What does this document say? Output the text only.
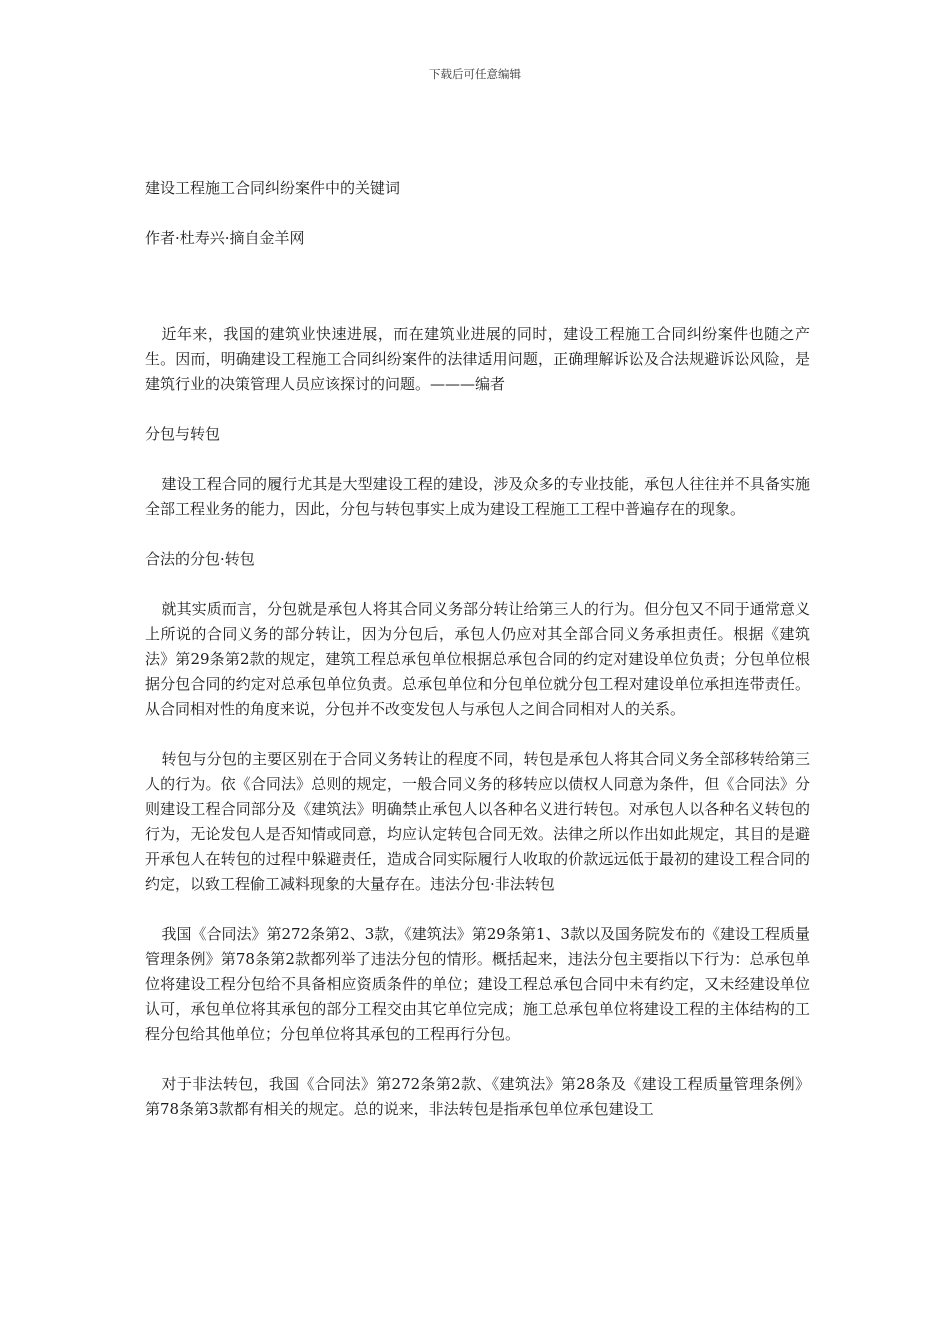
下载后可任意编辑
建设工程施工合同纠纷案件中的关键词
作者·杜寿兴·摘自金羊网

近年来，我国的建筑业快速进展，而在建筑业进展的同时，建设工程施工合同纠纷案件也随之产生。因而，明确建设工程施工合同纠纷案件的法律适用问题，正确理解诉讼及合法规避诉讼风险，是建筑行业的决策管理人员应该探讨的问题。———编者

分包与转包

建设工程合同的履行尤其是大型建设工程的建设，涉及众多的专业技能，承包人往往并不具备实施全部工程业务的能力，因此，分包与转包事实上成为建设工程施工工程中普遍存在的现象。

合法的分包·转包

就其实质而言，分包就是承包人将其合同义务部分转让给第三人的行为。但分包又不同于通常意义上所说的合同义务的部分转让，因为分包后，承包人仍应对其全部合同义务承担责任。根据《建筑法》第29条第2款的规定，建筑工程总承包单位根据总承包合同的约定对建设单位负责；分包单位根据分包合同的约定对总承包单位负责。总承包单位和分包单位就分包工程对建设单位承担连带责任。从合同相对性的角度来说，分包并不改变发包人与承包人之间合同相对人的关系。

转包与分包的主要区别在于合同义务转让的程度不同，转包是承包人将其合同义务全部移转给第三人的行为。依《合同法》总则的规定，一般合同义务的移转应以债权人同意为条件，但《合同法》分则建设工程合同部分及《建筑法》明确禁止承包人以各种名义进行转包。对承包人以各种名义转包的行为，无论发包人是否知情或同意，均应认定转包合同无效。法律之所以作出如此规定，其目的是避开承包人在转包的过程中躲避责任，造成合同实际履行人收取的价款远远低于最初的建设工程合同的约定，以致工程偷工减料现象的大量存在。违法分包·非法转包

我国《合同法》第272条第2、3款，《建筑法》第29条第1、3款以及国务院发布的《建设工程质量管理条例》第78条第2款都列举了违法分包的情形。概括起来，违法分包主要指以下行为：总承包单位将建设工程分包给不具备相应资质条件的单位；建设工程总承包合同中未有约定，又未经建设单位认可，承包单位将其承包的部分工程交由其它单位完成；施工总承包单位将建设工程的主体结构的工程分包给其他单位；分包单位将其承包的工程再行分包。

对于非法转包，我国《合同法》第272条第2款、《建筑法》第28条及《建设工程质量管理条例》第78条第3款都有相关的规定。总的说来，非法转包是指承包单位承包建设工
